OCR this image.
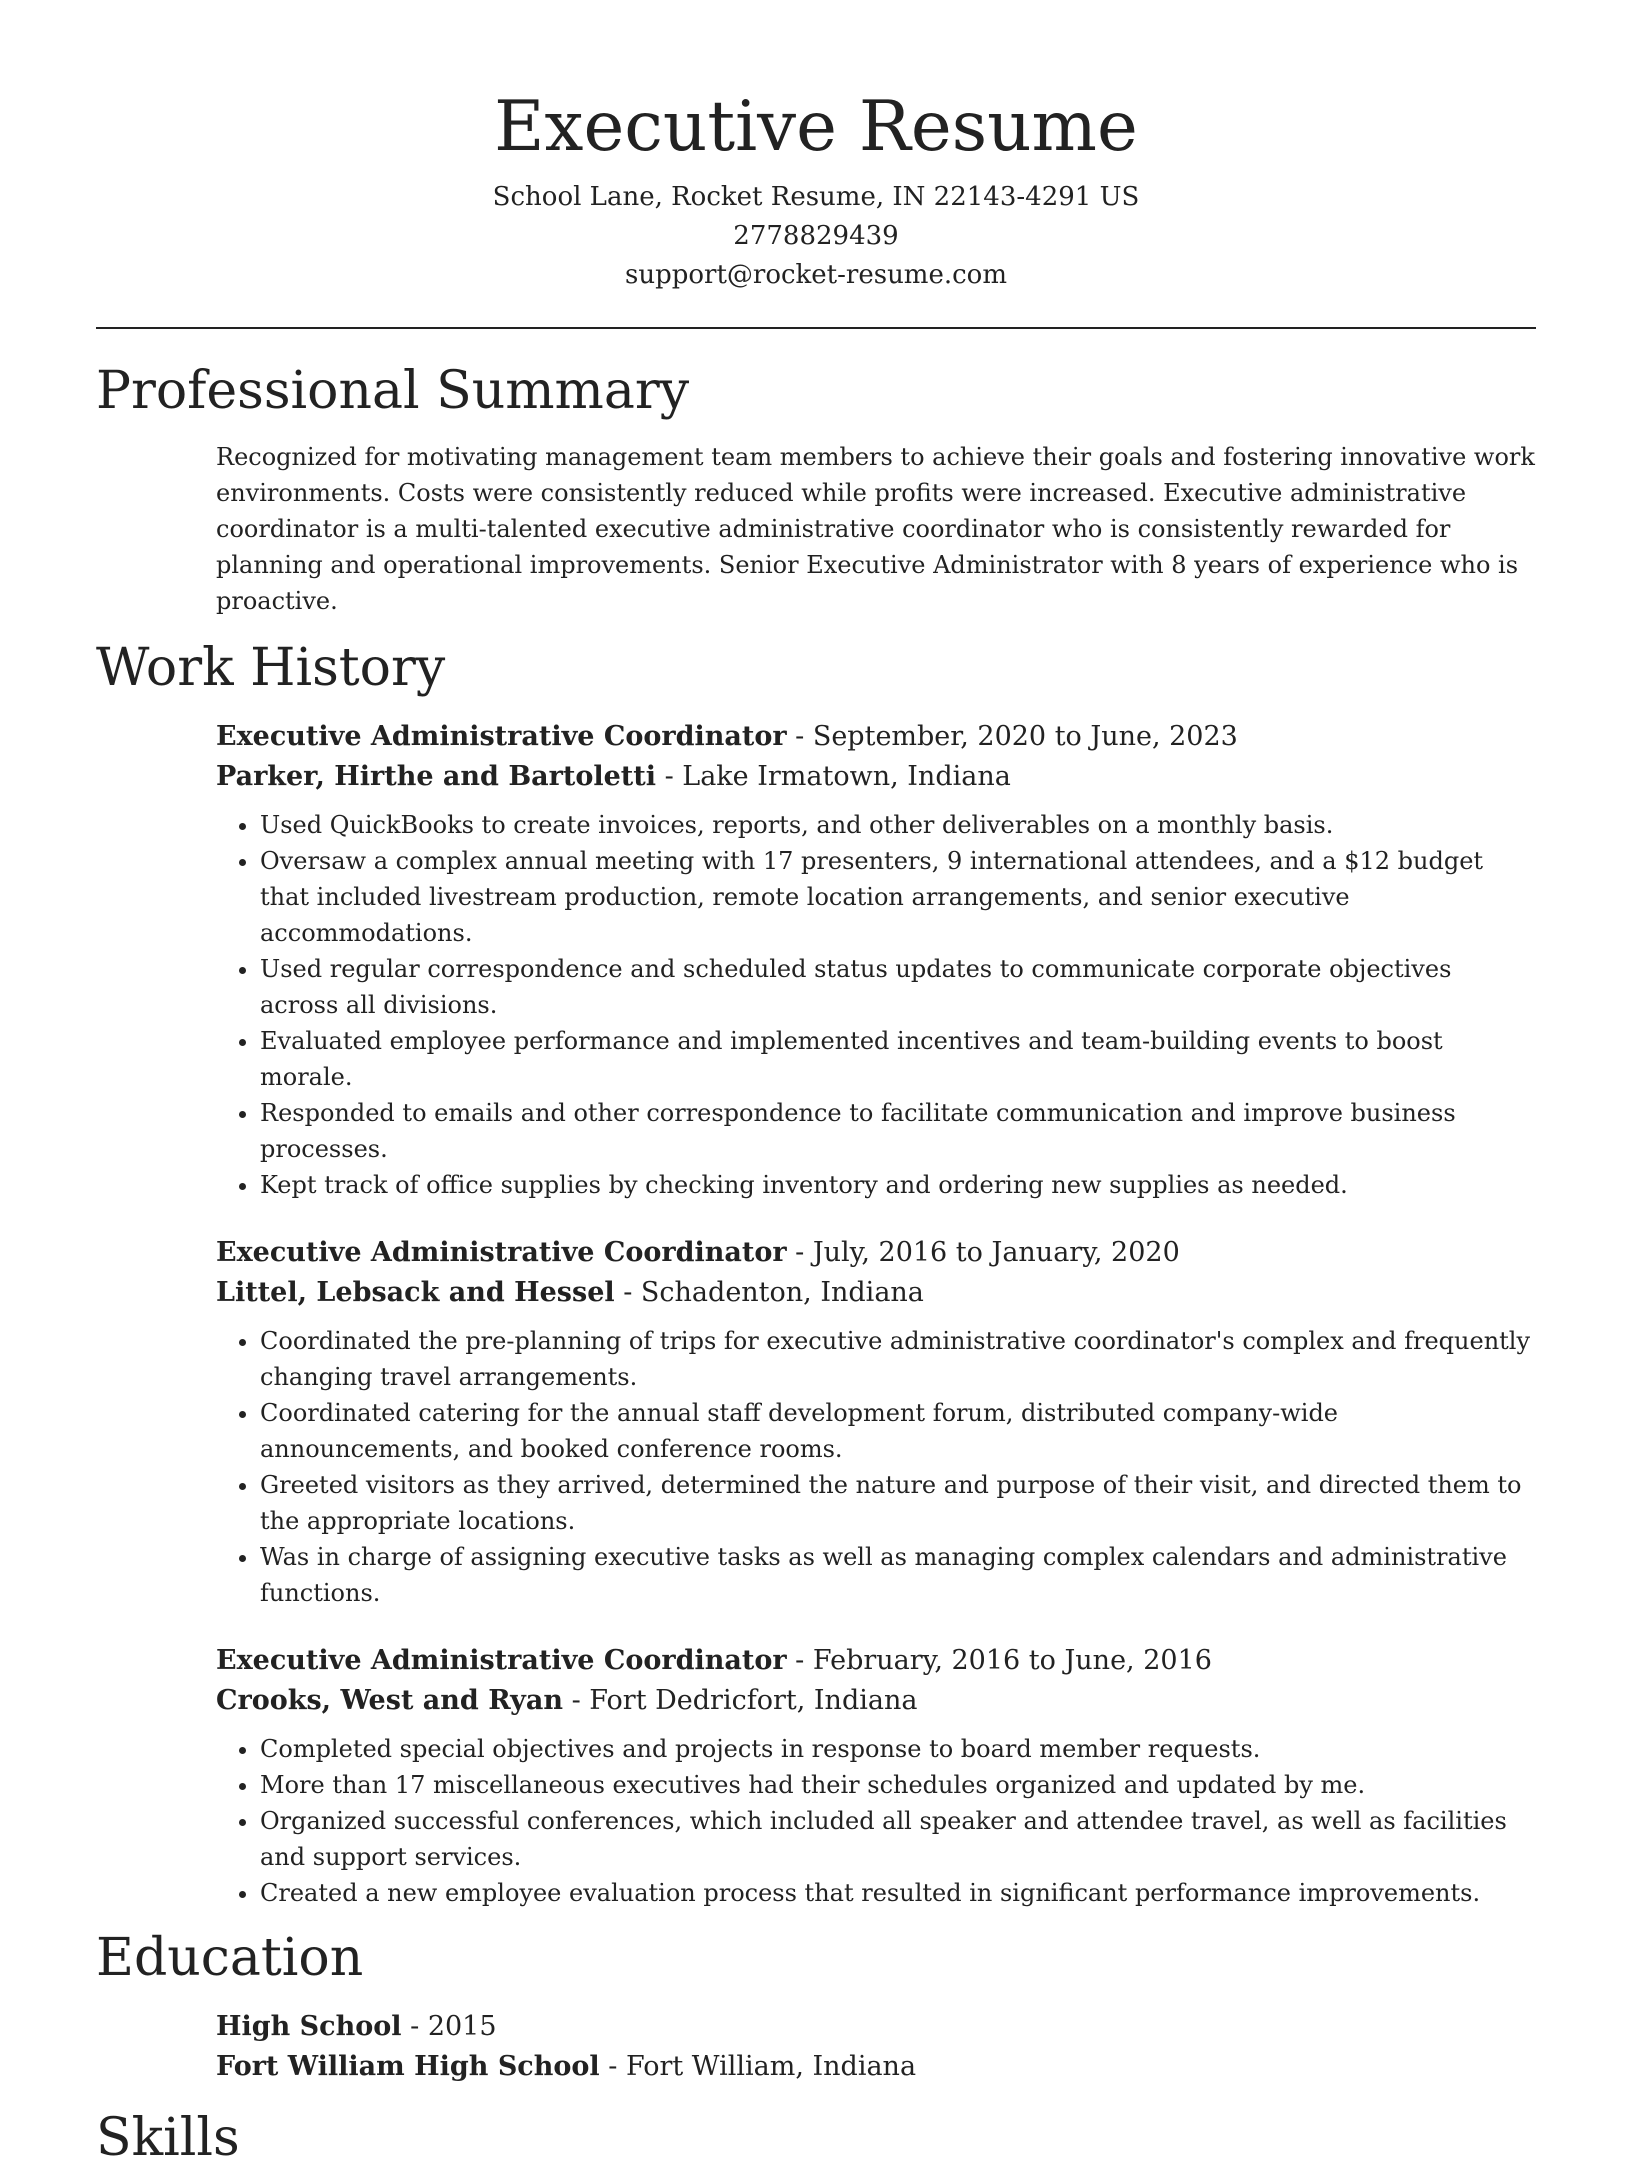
Executive Resume
School Lane, Rocket Resume, IN 22143-4291 US
2778829439
support@rocket-resume.com
Professional Summary

Recognized for motivating management team members to achieve their goals and fostering innovative work environments. Costs were consistently reduced while profits were increased. Executive administrative coordinator is a multi-talented executive administrative coordinator who is consistently rewarded for planning and operational improvements. Senior Executive Administrator with 8 years of experience who is proactive.

Work History
Executive Administrative Coordinator - September, 2020 to June, 2023
Parker, Hirthe and Bartoletti - Lake Irmatown, Indiana
• Used QuickBooks to create invoices, reports, and other deliverables on a monthly basis.
• Oversaw a complex annual meeting with 17 presenters, 9 international attendees, and a $12 budget that included livestream production, remote location arrangements, and senior executive accommodations.
• Used regular correspondence and scheduled status updates to communicate corporate objectives across all divisions.
• Evaluated employee performance and implemented incentives and team-building events to boost morale.
• Responded to emails and other correspondence to facilitate communication and improve business processes.
• Kept track of office supplies by checking inventory and ordering new supplies as needed.
Executive Administrative Coordinator - July, 2016 to January, 2020
Littel, Lebsack and Hessel - Schadenton, Indiana
• Coordinated the pre-planning of trips for executive administrative coordinator's complex and frequently changing travel arrangements.
• Coordinated catering for the annual staff development forum, distributed company-wide announcements, and booked conference rooms.
• Greeted visitors as they arrived, determined the nature and purpose of their visit, and directed them to the appropriate locations.
• Was in charge of assigning executive tasks as well as managing complex calendars and administrative functions.
Executive Administrative Coordinator - February, 2016 to June, 2016
Crooks, West and Ryan - Fort Dedricfort, Indiana
• Completed special objectives and projects in response to board member requests.
• More than 17 miscellaneous executives had their schedules organized and updated by me.
• Organized successful conferences, which included all speaker and attendee travel, as well as facilities and support services.
• Created a new employee evaluation process that resulted in significant performance improvements.
Education
High School - 2015
Fort William High School - Fort William, Indiana
Skills
